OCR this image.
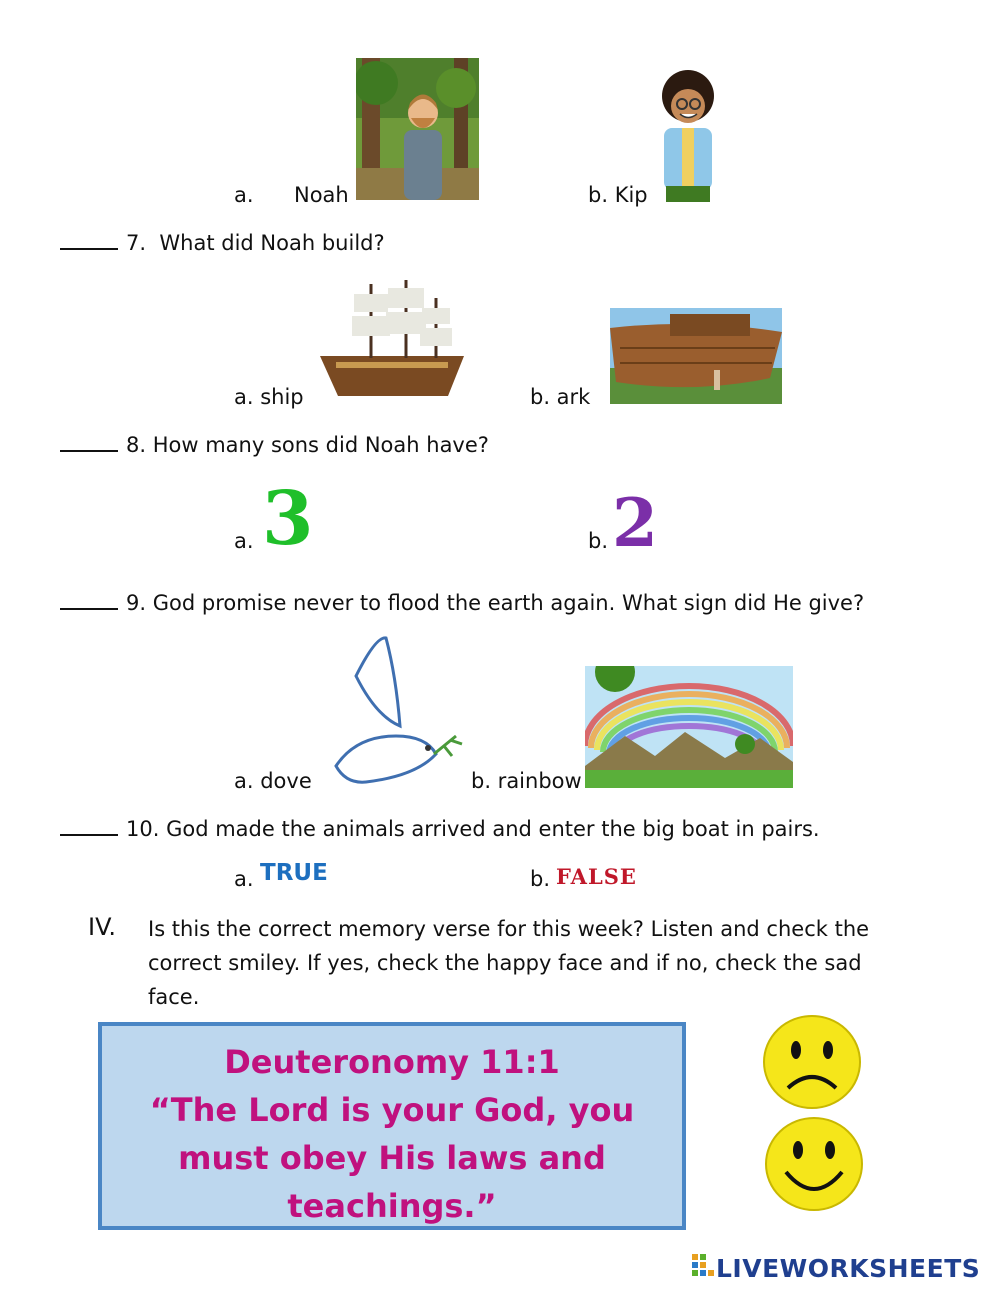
a. Noah	b. Kip
7. What did Noah build?
a. ship	b. ark
8. How many sons did Noah have?
a. 3	b. 2
9. God promise never to flood the earth again. What sign did He give?
a. dove	b. rainbow
10. God made the animals arrived and enter the big boat in pairs.
a. TRUE	b. FALSE
IV. Is this the correct memory verse for this week? Listen and check the
correct smiley. If yes, check the happy face and if no, check the sad
face.
Deuteronomy 11:1
“The Lord is your God, you
must obey His laws and
teachings.”
LIVEWORKSHEETS
